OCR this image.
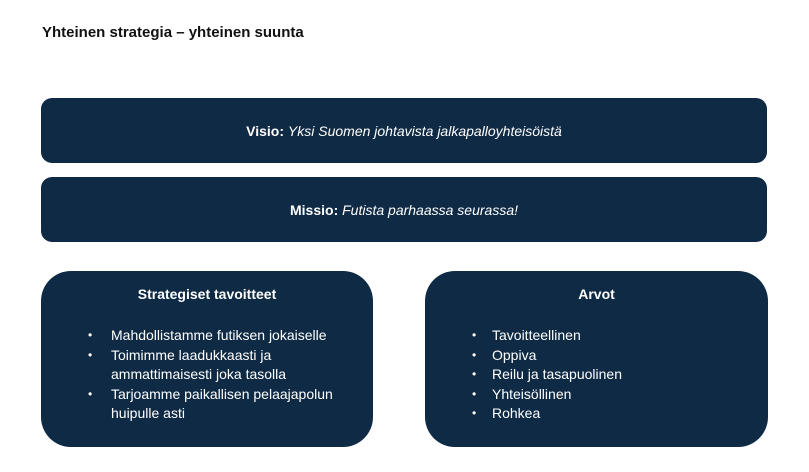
Yhteinen strategia – yhteinen suunta
Visio:
Yksi Suomen johtavista jalkapalloyhteisöistä
Missio:
Futista parhaassa seurassa!
Strategiset tavoitteet
• Mahdollistamme futiksen jokaiselle
• Toimimme laadukkaasti ja ammattimaisesti joka tasolla
• Tarjoamme paikallisen pelaajapolun huipulle asti
Arvot
• Tavoitteellinen
• Oppiva
• Reilu ja tasapuolinen
• Yhteisöllinen
• Rohkea
